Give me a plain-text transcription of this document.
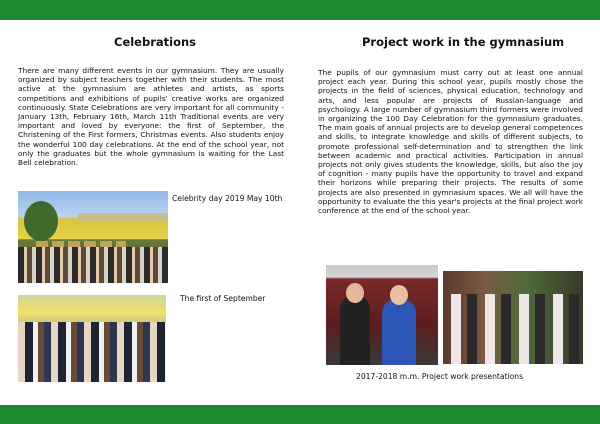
Celebrations

There are many different events in our gymnasium. They are usually organized by subject teachers together with their students. The most active at the gymnasium are athletes and artists, as sports competitions and exhibitions of pupils' creative works are organized continuously. State Celebrations are very important for all community - January 13th, February 16th, March 11th Traditional events are very important and loved by everyone: the first of September, the Christening of the First formers, Christmas events. Also students enjoy the wonderful 100 day celebrations. At the end of the school year, not only the graduates but the whole gymnasium is waiting for the Last Bell celebration.

Celebrity day 2019 May 10th
The first of September
Project work in the gymnasium

The pupils of our gymnasium must carry out at least one annual project each year. During this school year, pupils mostly chose the projects in the field of sciences, physical education, technology and arts, and less popular are projects of Russian-language and psychology. A large number of gymnasium third formers were involved in organizing the 100 Day Celebration for the gymnasium graduates. The main goals of annual projects are to develop general competences and skills, to integrate knowledge and skills of different subjects, to promote professional self-determination and to strengthen the link between academic and practical activities. Participation in annual projects not only gives students the knowledge, skills, but also the joy of cognition - many pupils have the opportunity to travel and expand their horizons while preparing their projects. The results of some projects are also presented in gymnasium spaces. We all will have the opportunity to evaluate the this year's projects at the final project work conference at the end of the school year.

2017-2018 m.m. Project work presentations
